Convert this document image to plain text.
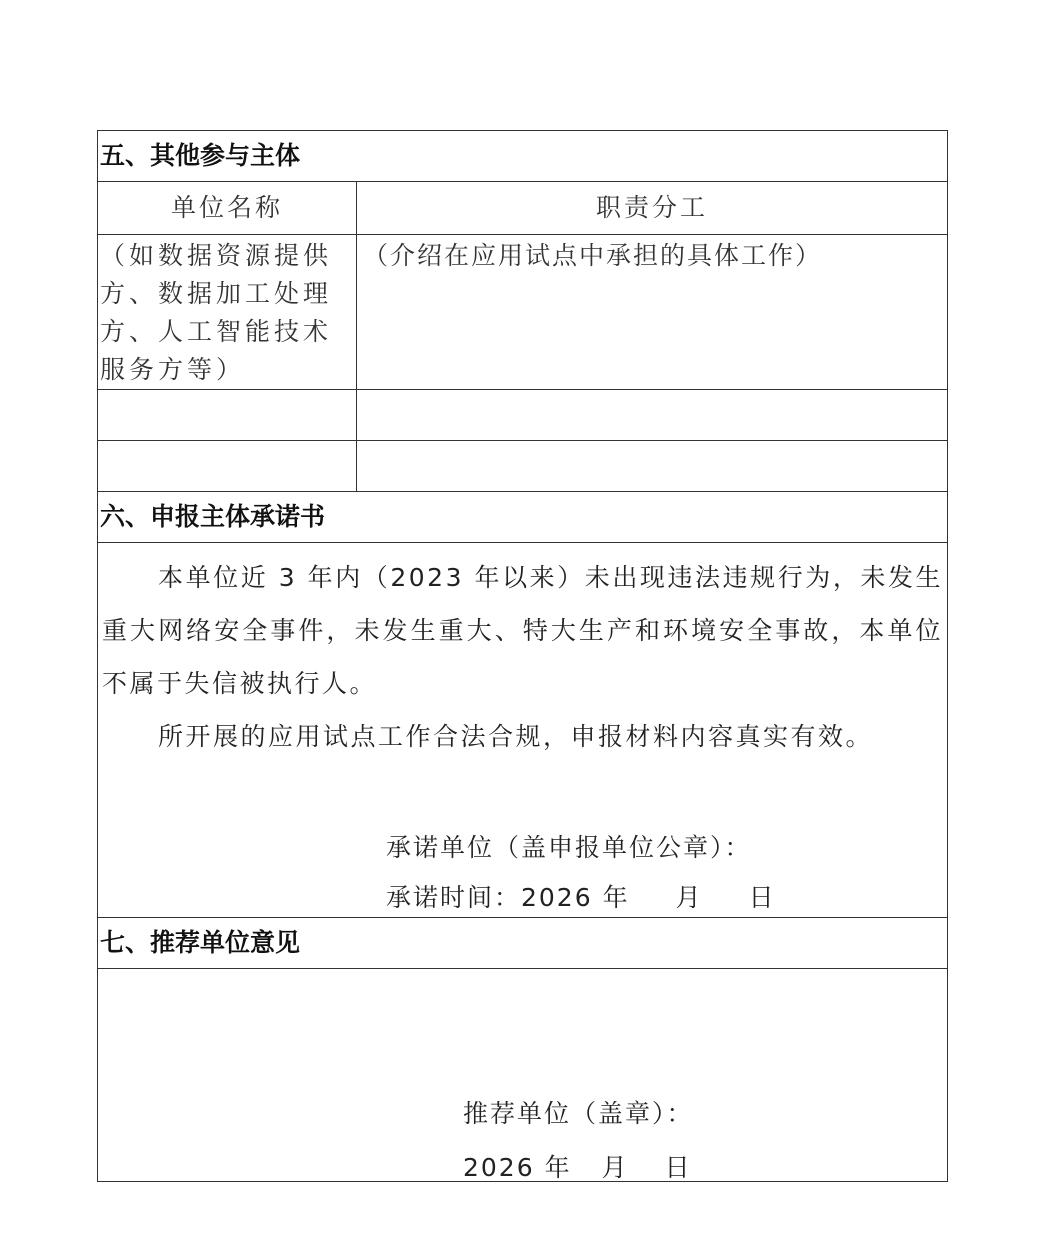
五、其他参与主体	
单位名称	职责分工
（如数据资源提供方、数据加工处理方、人工智能技术服务方等）	（介绍在应用试点中承担的具体工作）

六、申报主体承诺书	

本单位近 3 年内（2023 年以来）未出现违法违规行为，未发生重大网络安全事件，未发生重大、特大生产和环境安全事故，本单位不属于失信被执行人。

所开展的应用试点工作合法合规，申报材料内容真实有效。

承诺单位（盖申报单位公章）：
承诺时间：2026 年 月 日	

七、推荐单位意见	

推荐单位（盖章）：
2026 年 月 日	
